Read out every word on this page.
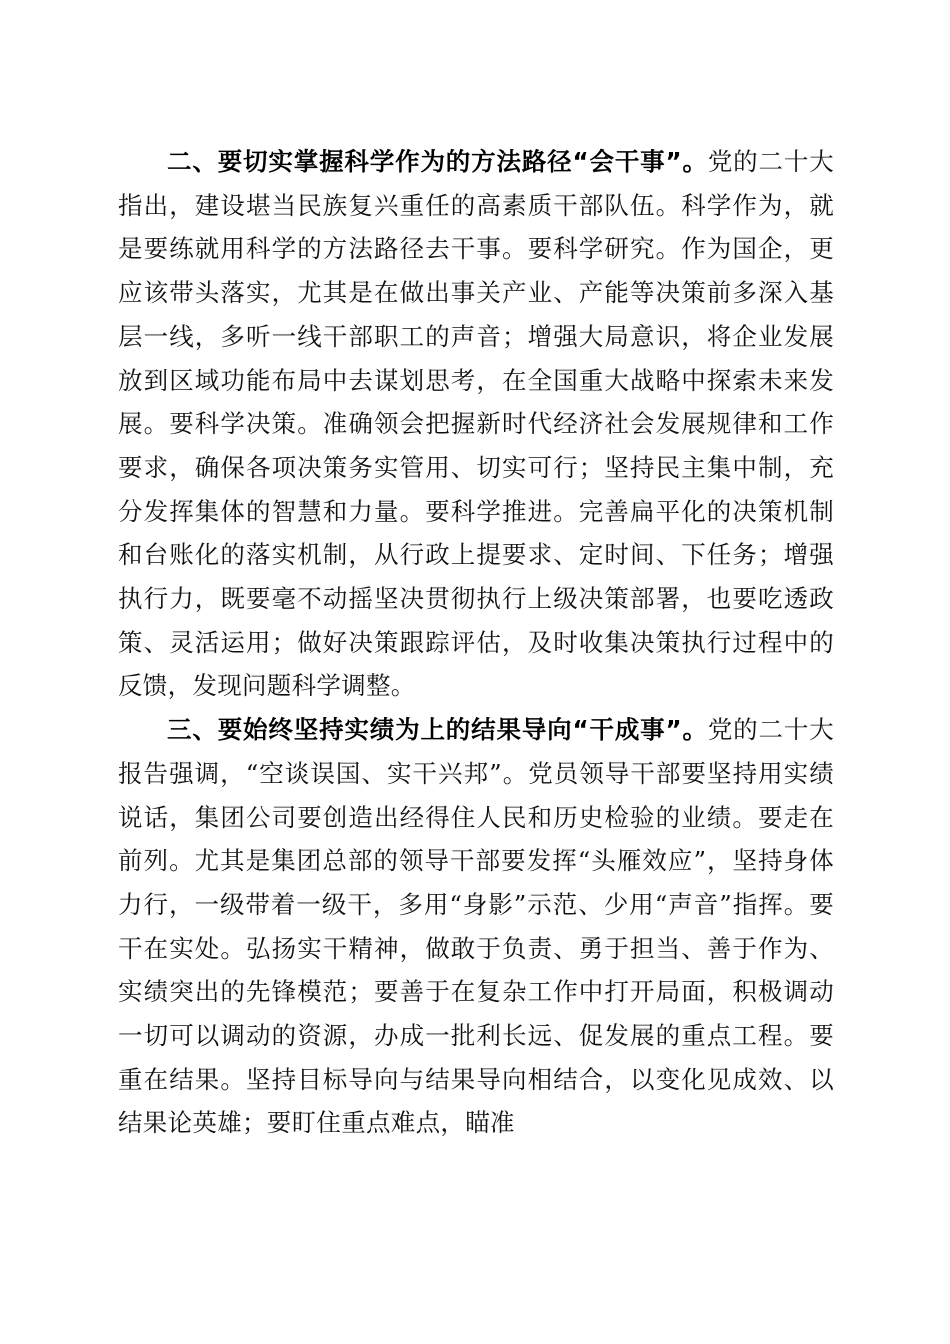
二、要切实掌握科学作为的方法路径“会干事”。党的二十大指出，建设堪当民族复兴重任的高素质干部队伍。科学作为，就是要练就用科学的方法路径去干事。要科学研究。作为国企，更应该带头落实，尤其是在做出事关产业、产能等决策前多深入基层一线，多听一线干部职工的声音；增强大局意识，将企业发展放到区域功能布局中去谋划思考，在全国重大战略中探索未来发展。要科学决策。准确领会把握新时代经济社会发展规律和工作要求，确保各项决策务实管用、切实可行；坚持民主集中制，充分发挥集体的智慧和力量。要科学推进。完善扁平化的决策机制和台账化的落实机制，从行政上提要求、定时间、下任务；增强执行力，既要毫不动摇坚决贯彻执行上级决策部署，也要吃透政策、灵活运用；做好决策跟踪评估，及时收集决策执行过程中的反馈，发现问题科学调整。

三、要始终坚持实绩为上的结果导向“干成事”。党的二十大报告强调，“空谈误国、实干兴邦”。党员领导干部要坚持用实绩说话，集团公司要创造出经得住人民和历史检验的业绩。要走在前列。尤其是集团总部的领导干部要发挥“头雁效应”，坚持身体力行，一级带着一级干，多用“身影”示范、少用“声音”指挥。要干在实处。弘扬实干精神，做敢于负责、勇于担当、善于作为、实绩突出的先锋模范；要善于在复杂工作中打开局面，积极调动一切可以调动的资源，办成一批利长远、促发展的重点工程。要重在结果。坚持目标导向与结果导向相结合，以变化见成效、以结果论英雄；要盯住重点难点，瞄准
